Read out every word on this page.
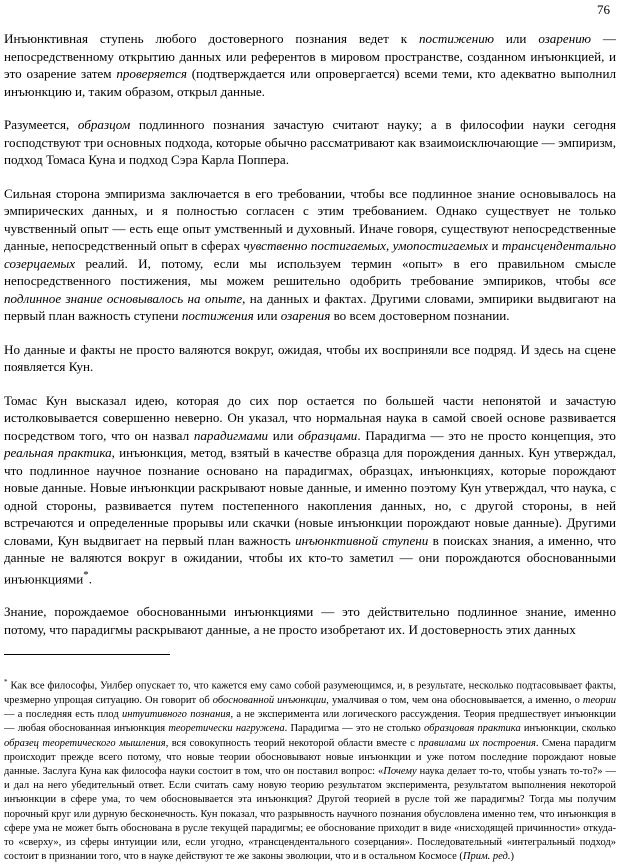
76

Инъюнктивная ступень любого достоверного познания ведет к постижению или озарению — непосредственному открытию данных или референтов в мировом пространстве, созданном инъюнкцией, и это озарение затем проверяется (подтверждается или опровергается) всеми теми, кто адекватно выполнил инъюнкцию и, таким образом, открыл данные.

Разумеется, образцом подлинного познания зачастую считают науку; а в философии науки сегодня господствуют три основных подхода, которые обычно рассматривают как взаимоисключающие — эмпиризм, подход Томаса Куна и подход Сэра Карла Поппера.

Сильная сторона эмпиризма заключается в его требовании, чтобы все подлинное знание основывалось на эмпирических данных, и я полностью согласен с этим требованием. Однако существует не только чувственный опыт — есть еще опыт умственный и духовный. Иначе говоря, существуют непосредственные данные, непосредственный опыт в сферах чувственно постигаемых, умопостигаемых и трансцендентально созерцаемых реалий. И, потому, если мы используем термин «опыт» в его правильном смысле непосредственного постижения, мы можем решительно одобрить требование эмпириков, чтобы все подлинное знание основывалось на опыте, на данных и фактах. Другими словами, эмпирики выдвигают на первый план важность ступени постижения или озарения во всем достоверном познании.

Но данные и факты не просто валяются вокруг, ожидая, чтобы их восприняли все подряд. И здесь на сцене появляется Кун.

Томас Кун высказал идею, которая до сих пор остается по большей части непонятой и зачастую истолковывается совершенно неверно. Он указал, что нормальная наука в самой своей основе развивается посредством того, что он назвал парадигмами или образцами. Парадигма — это не просто концепция, это реальная практика, инъюнкция, метод, взятый в качестве образца для порождения данных. Кун утверждал, что подлинное научное познание основано на парадигмах, образцах, инъюнкциях, которые порождают новые данные. Новые инъюнкции раскрывают новые данные, и именно поэтому Кун утверждал, что наука, с одной стороны, развивается путем постепенного накопления данных, но, с другой стороны, в ней встречаются и определенные прорывы или скачки (новые инъюнкции порождают новые данные). Другими словами, Кун выдвигает на первый план важность инъюнктивной ступени в поисках знания, а именно, что данные не валяются вокруг в ожидании, чтобы их кто-то заметил — они порождаются обоснованными инъюнкциями*.

Знание, порождаемое обоснованными инъюнкциями — это действительно подлинное знание, именно потому, что парадигмы раскрывают данные, а не просто изобретают их. И достоверность этих данных

* Как все философы, Уилбер опускает то, что кажется ему само собой разумеющимся, и, в результате, несколько подтасовывает факты, чрезмерно упрощая ситуацию. Он говорит об обоснованной инъюнкции, умалчивая о том, чем она обосновывается, а именно, о теории — а последняя есть плод интуитивного познания, а не эксперимента или логического рассуждения. Теория предшествует инъюнкции — любая обоснованная инъюнкция теоретически нагружена. Парадигма — это не столько образцовая практика инъюнкции, сколько образец теоретического мышления, вся совокупность теорий некоторой области вместе с правилами их построения. Смена парадигм происходит прежде всего потому, что новые теории обосновывают новые инъюнкции и уже потом последние порождают новые данные. Заслуга Куна как философа науки состоит в том, что он поставил вопрос: «Почему наука делает то-то, чтобы узнать то-то?» — и дал на него убедительный ответ. Если считать саму новую теорию результатом эксперимента, результатом выполнения некоторой инъюнкции в сфере ума, то чем обосновывается эта инъюнкция? Другой теорией в русле той же парадигмы? Тогда мы получим порочный круг или дурную бесконечность. Кун показал, что разрывность научного познания обусловлена именно тем, что инъюнкция в сфере ума не может быть обоснована в русле текущей парадигмы; ее обоснование приходит в виде «нисходящей причинности» откуда-то «сверху», из сферы интуиции или, если угодно, «трансцендентального созерцания». Последовательный «интегральный подход» состоит в признании того, что в науке действуют те же законы эволюции, что и в остальном Космосе (Прим. ред.)
